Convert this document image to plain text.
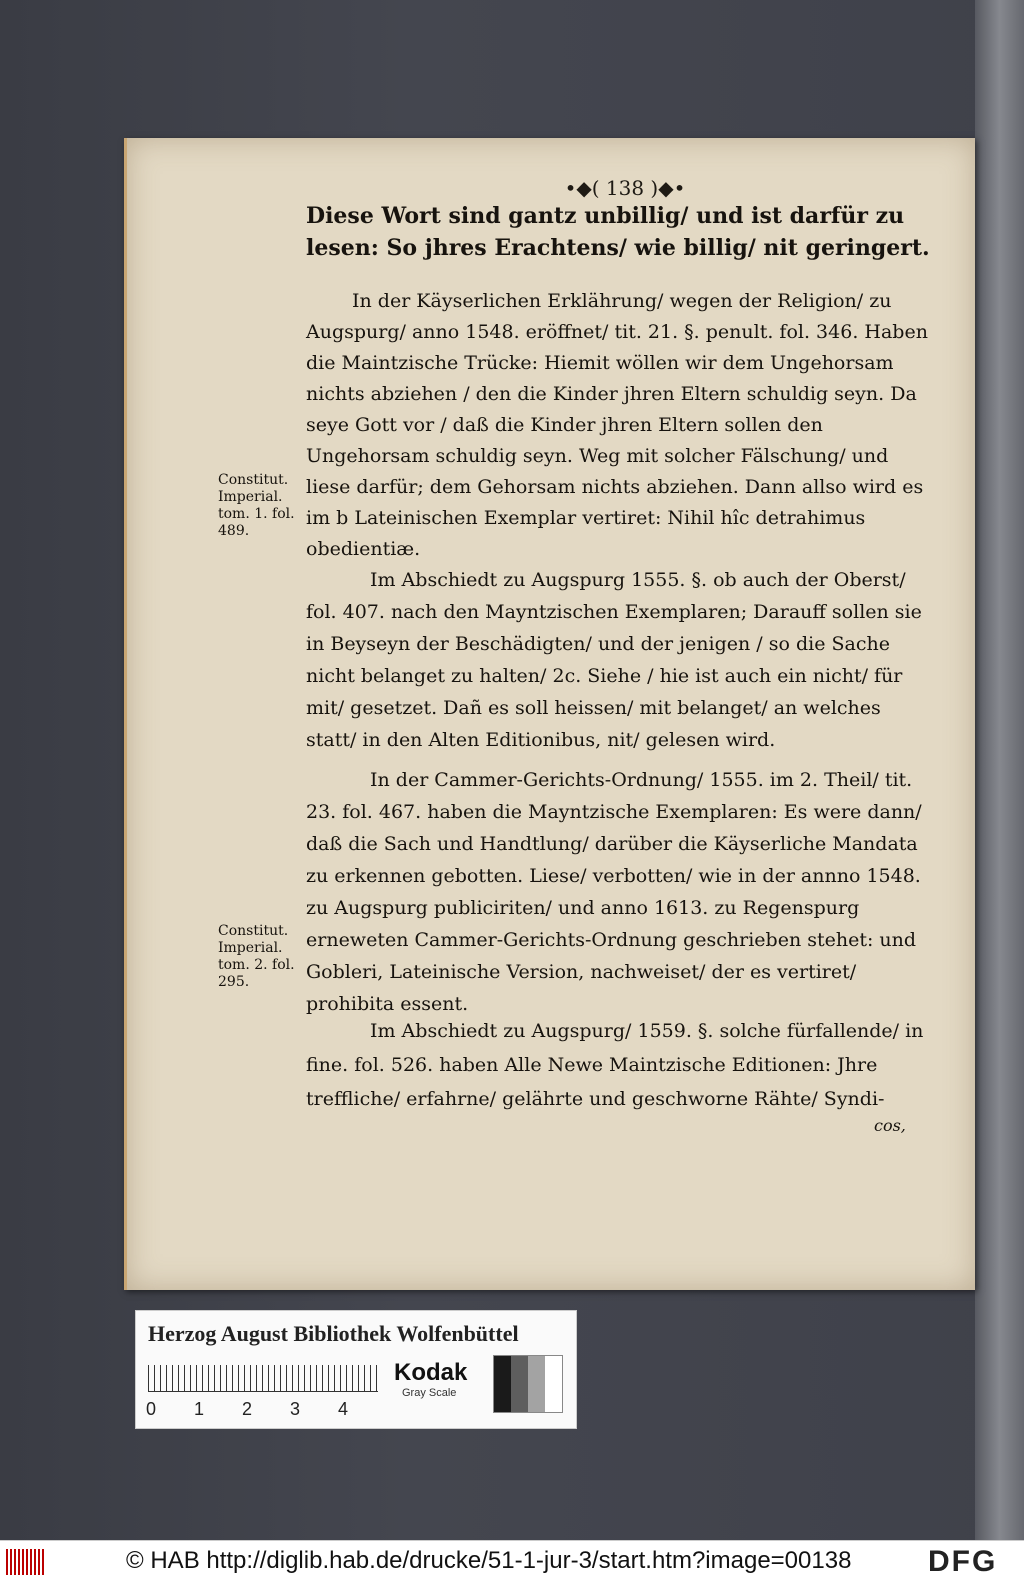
•◆( 138 )◆•

Diese Wort sind gantz unbillig/ und ist darfür zu lesen: So jhres Erachtens/ wie billig/ nit geringert.

In der Käyserlichen Erklährung/ wegen der Religion/ zu Augspurg/ anno 1548. eröffnet/ tit. 21. §. penult. fol. 346. Haben die Maintzische Trücke: Hiemit wöllen wir dem Ungehorsam nichts abziehen / den die Kinder jhren Eltern schuldig seyn. Da seye Gott vor / daß die Kinder jhren Eltern sollen den Ungehorsam schuldig seyn. Weg mit solcher Fälschung/ und liese darfür; dem Gehorsam nichts abziehen. Dann allso wird es im b Lateinischen Exemplar vertiret: Nihil hîc detrahimus obedientiæ.

Im Abschiedt zu Augspurg 1555. §. ob auch der Oberst/ fol. 407. nach den Mayntzischen Exemplaren; Darauff sollen sie in Beyseyn der Beschädigten/ und der jenigen / so die Sache nicht belanget zu halten/ 2c. Siehe / hie ist auch ein nicht/ für mit/ gesetzet. Dañ es soll heissen/ mit belanget/ an welches statt/ in den Alten Editionibus, nit/ gelesen wird.

In der Cammer-Gerichts-Ordnung/ 1555. im 2. Theil/ tit. 23. fol. 467. haben die Mayntzische Exemplaren: Es were dann/ daß die Sach und Handtlung/ darüber die Käyserliche Mandata zu erkennen gebotten. Liese/ verbotten/ wie in der annno 1548. zu Augspurg publiciriten/ und anno 1613. zu Regenspurg erneweten Cammer-Gerichts-Ordnung geschrieben stehet: und Gobleri, Lateinische Version, nachweiset/ der es vertiret/ prohibita essent.

Im Abschiedt zu Augspurg/ 1559. §. solche fürfallende/ in fine. fol. 526. haben Alle Newe Maintzische Editionen: Jhre treffliche/ erfahrne/ gelährte und geschworne Rähte/ Syndi-

cos,
Constitut. Imperial. tom. 1. fol. 489.
Constitut. Imperial. tom. 2. fol. 295.
Herzog August Bibliothek Wolfenbüttel
0	1	2	3	4
Kodak
Gray Scale
© HAB http://diglib.hab.de/drucke/51-1-jur-3/start.htm?image=00138	DFG
